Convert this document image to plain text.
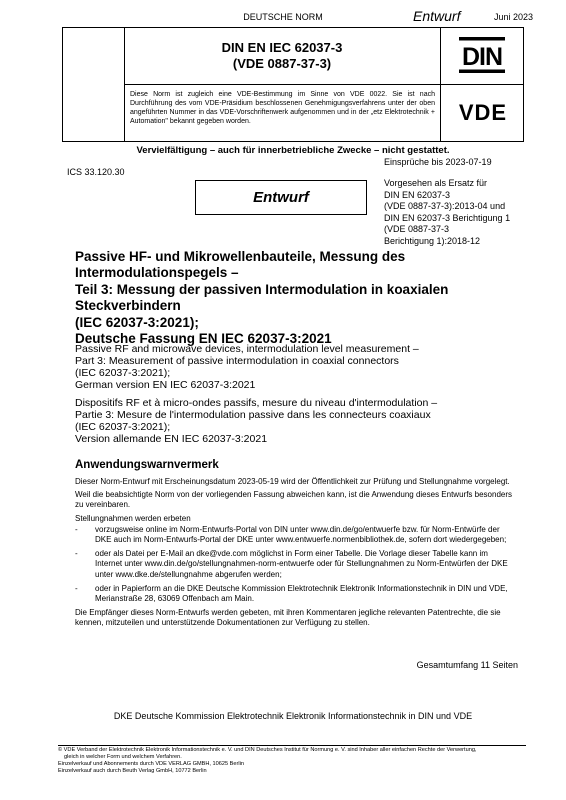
DEUTSCHE NORM	Entwurf	Juni 2023
DIN EN IEC 62037-3
(VDE 0887-37-3)
Diese Norm ist zugleich eine VDE-Bestimmung im Sinne von VDE 0022. Sie ist nach Durchführung des vom VDE-Präsidium beschlossenen Genehmigungsverfahrens unter der oben angeführten Nummer in das VDE-Vorschriftenwerk aufgenommen und in der „etz Elektrotechnik + Automation" bekannt gegeben worden.
DIN
VDE
Vervielfältigung – auch für innerbetriebliche Zwecke – nicht gestattet.
Einsprüche bis 2023-07-19
ICS 33.120.30
Vorgesehen als Ersatz für
DIN EN 62037-3
(VDE 0887-37-3):2013-04 und
DIN EN 62037-3 Berichtigung 1
(VDE 0887-37-3
Berichtigung 1):2018-12
Entwurf
Passive HF- und Mikrowellenbauteile, Messung des
Intermodulationspegels –
Teil 3: Messung der passiven Intermodulation in koaxialen
Steckverbindern
(IEC 62037-3:2021);
Deutsche Fassung EN IEC 62037-3:2021
Passive RF and microwave devices, intermodulation level measurement –
Part 3: Measurement of passive intermodulation in coaxial connectors
(IEC 62037-3:2021);
German version EN IEC 62037-3:2021
Dispositifs RF et à micro-ondes passifs, mesure du niveau d'intermodulation –
Partie 3: Mesure de l'intermodulation passive dans les connecteurs coaxiaux
(IEC 62037-3:2021);
Version allemande EN IEC 62037-3:2021
Anwendungswarnvermerk

Dieser Norm-Entwurf mit Erscheinungsdatum 2023-05-19 wird der Öffentlichkeit zur Prüfung und Stellungnahme vorgelegt.

Weil die beabsichtigte Norm von der vorliegenden Fassung abweichen kann, ist die Anwendung dieses Entwurfs besonders zu vereinbaren.

Stellungnahmen werden erbeten

-	vorzugsweise online im Norm-Entwurfs-Portal von DIN unter www.din.de/go/entwuerfe bzw. für Norm-Entwürfe der DKE auch im Norm-Entwurfs-Portal der DKE unter www.entwuerfe.normenbibliothek.de, sofern dort wiedergegeben;
-	oder als Datei per E-Mail an dke@vde.com möglichst in Form einer Tabelle. Die Vorlage dieser Tabelle kann im Internet unter www.din.de/go/stellungnahmen-norm-entwuerfe oder für Stellungnahmen zu Norm-Entwürfen der DKE unter www.dke.de/stellungnahme abgerufen werden;
-	oder in Papierform an die DKE Deutsche Kommission Elektrotechnik Elektronik Informationstechnik in DIN und VDE, Merianstraße 28, 63069 Offenbach am Main.

Die Empfänger dieses Norm-Entwurfs werden gebeten, mit ihren Kommentaren jegliche relevanten Patentrechte, die sie kennen, mitzuteilen und unterstützende Dokumentationen zur Verfügung zu stellen.

Gesamtumfang 11 Seiten
DKE Deutsche Kommission Elektrotechnik Elektronik Informationstechnik in DIN und VDE
© VDE Verband der Elektrotechnik Elektronik Informationstechnik e. V. und DIN Deutsches Institut für Normung e. V. sind Inhaber aller einfachen Rechte der Verwertung,
gleich in welcher Form und welchem Verfahren.
Einzelverkauf und Abonnements durch VDE VERLAG GMBH, 10625 Berlin
Einzelverkauf auch durch Beuth Verlag GmbH, 10772 Berlin
